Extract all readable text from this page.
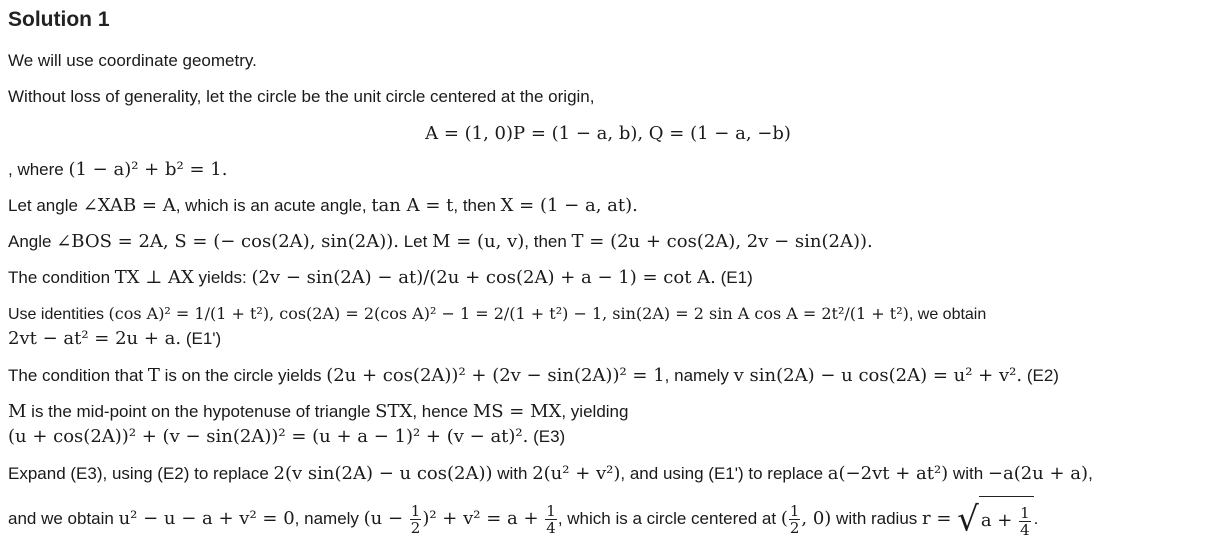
Solution 1
We will use coordinate geometry.
Without loss of generality, let the circle be the unit circle centered at the origin,
A = (1, 0)P = (1 − a, b), Q = (1 − a, −b)
, where (1 − a)² + b² = 1.
Let angle ∠XAB = A, which is an acute angle, tan A = t, then X = (1 − a, at).
Angle ∠BOS = 2A, S = (− cos(2A), sin(2A)). Let M = (u, v), then T = (2u + cos(2A), 2v − sin(2A)).
The condition TX ⊥ AX yields: (2v − sin(2A) − at)/(2u + cos(2A) + a − 1) = cot A. (E1)
Use identities (cos A)² = 1/(1 + t²), cos(2A) = 2(cos A)² − 1 = 2/(1 + t²) − 1, sin(2A) = 2 sin A cos A = 2t²/(1 + t²), we obtain
2vt − at² = 2u + a. (E1')
The condition that T is on the circle yields (2u + cos(2A))² + (2v − sin(2A))² = 1, namely v sin(2A) − u cos(2A) = u² + v². (E2)
M is the mid-point on the hypotenuse of triangle STX, hence MS = MX, yielding
(u + cos(2A))² + (v − sin(2A))² = (u + a − 1)² + (v − at)². (E3)
Expand (E3), using (E2) to replace 2(v sin(2A) − u cos(2A)) with 2(u² + v²), and using (E1') to replace a(−2vt + at²) with −a(2u + a),
and we obtain u² − u − a + v² = 0, namely $(u - \frac{1}{2} )^2 + v^2 = a + \frac{1}{4}$ , which is a circle centered at ( $\frac{1}{2}$ , 0) with radius r = √ $a + \frac{1}{4}$ .
